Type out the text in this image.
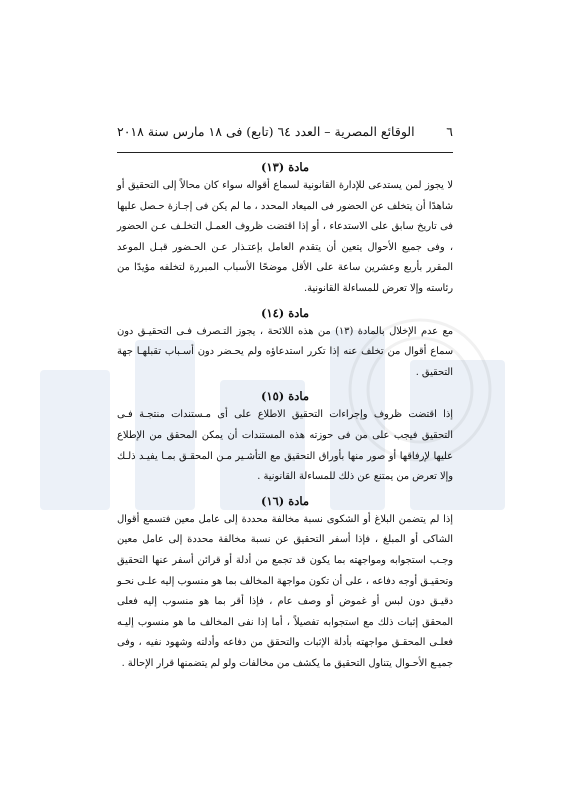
٦
الوقائع المصرية – العدد ٦٤ (تابع) فى ١٨ مارس سنة ٢٠١٨

مادة (١٣)

لا يجوز لمن يستدعى للإدارة القانونية لسماع أقواله سواء كان محالاً إلى التحقيق أو شاهدًا أن يتخلف عن الحضور فى الميعاد المحدد ، ما لم يكن فى إجـازة حـصل عليها فى تاريخ سابق على الاستدعاء ، أو إذا اقتضت ظروف العمـل التخلـف عـن الحضور ، وفى جميع الأحوال يتعين أن يتقدم العامل بإعتـذار عـن الحـضور قبـل الموعد المقرر بأربع وعشرين ساعة على الأقل موضحًا الأسباب المبررة لتخلفه مؤيدًا من رئاسته وإلا تعرض للمساءلة القانونية.

مادة (١٤)

مع عدم الإخلال بالمادة (١٣) من هذه اللائحة ، يجوز التـصرف فـى التحقيـق دون سماع أقوال من تخلف عنه إذا تكرر استدعاؤه ولم يحـضر دون أسـباب تقبلهـا جهة التحقيق .

مادة (١٥)

إذا اقتضت ظروف وإجراءات التحقيق الاطلاع على أى مـستندات منتجـة فـى التحقيق فيجب على من فى حوزته هذه المستندات أن يمكن المحقق من الإطلاع عليها لإرفاقها أو صور منها بأوراق التحقيق مع التأشـير مـن المحقـق بمـا يفيـد ذلـك وإلا تعرض من يمتنع عن ذلك للمساءلة القانونية .

مادة (١٦)

إذا لم يتضمن البلاغ أو الشكوى نسبة مخالفة محددة إلى عامل معين فتسمع أقوال الشاكى أو المبلغ ، فإذا أسفر التحقيق عن نسبة مخالفة محددة إلى عامل معين وجـب استجوابه ومواجهته بما يكون قد تجمع من أدلة أو قرائن أسفر عنها التحقيق وتحقيـق أوجه دفاعه ، على أن تكون مواجهة المخالف بما هو منسوب إليه علـى نحـو دقيـق دون لبس أو غموض أو وصف عام ، فإذا أقر بما هو منسوب إليه فعلى المحقق إثبات ذلك مع استجوابه تفصيلاً ، أما إذا نفى المخالف ما هو منسوب إليـه فعلـى المحقـق مواجهته بأدلة الإثبات والتحقق من دفاعه وأدلته وشهود نفيه ، وفى جميـع الأحـوال يتناول التحقيق ما يكشف من مخالفات ولو لم يتضمنها قرار الإحالة .
